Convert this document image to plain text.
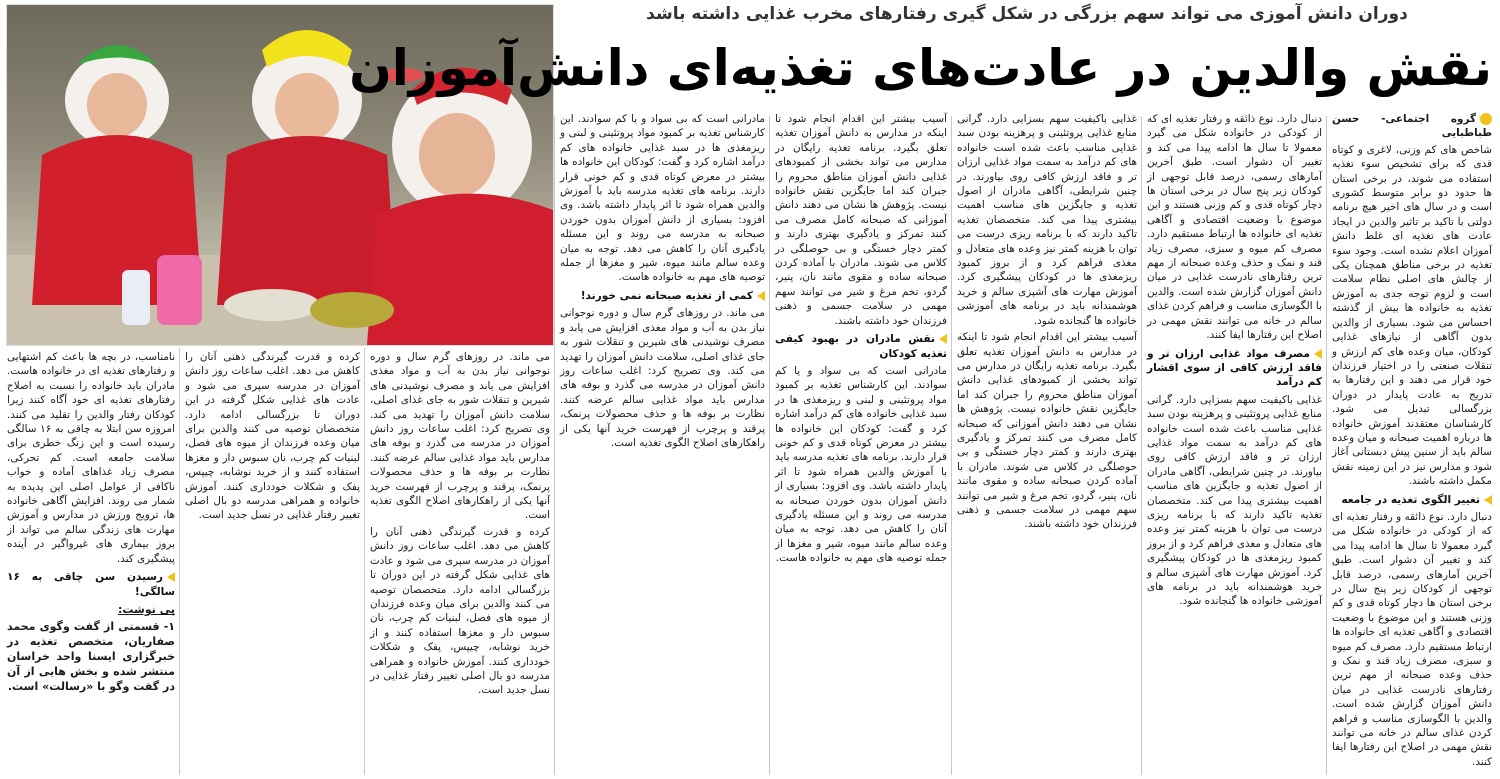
دوران دانش آموزی می تواند سهم بزرگی در شکل گیری رفتارهای مخرب غذایی داشته باشد
نقش والدین در عادت‌های تغذیه‌ای دانش‌آموزان
گروه اجتماعی- حسن طباطبایی

شاخص های کم وزنی، لاغری و کوتاه قدی که برای تشخیص سوء تغذیه استفاده می شوند، در برخی استان ها حدود دو برابر متوسط کشوری است و در سال های اخیر هیچ برنامه دولتی با تاکید بر تاثیر والدین در ایجاد عادت های تغذیه ای غلط دانش آموزان اعلام نشده است. وجود سوء تغذیه در برخی مناطق همچنان یکی از چالش های اصلی نظام سلامت است و لزوم توجه جدی به آموزش تغذیه به خانواده ها بیش از گذشته احساس می شود. بسیاری از والدین بدون آگاهی از نیازهای غذایی کودکان، میان وعده های کم ارزش و تنقلات صنعتی را در اختیار فرزندان خود قرار می دهند و این رفتارها به تدریج به عادت پایدار در دوران بزرگسالی تبدیل می شود. کارشناسان معتقدند آموزش خانواده ها درباره اهمیت صبحانه و میان وعده سالم باید از سنین پیش دبستانی آغاز شود و مدارس نیز در این زمینه نقش مکمل داشته باشند.

تغییر الگوی تغذیه در جامعه

دنبال دارد. نوع ذائقه و رفتار تغذیه ای که از کودکی در خانواده شکل می گیرد معمولا تا سال ها ادامه پیدا می کند و تغییر آن دشوار است. طبق آخرین آمارهای رسمی، درصد قابل توجهی از کودکان زیر پنج سال در برخی استان ها دچار کوتاه قدی و کم وزنی هستند و این موضوع با وضعیت اقتصادی و آگاهی تغذیه ای خانواده ها ارتباط مستقیم دارد. مصرف کم میوه و سبزی، مصرف زیاد قند و نمک و حذف وعده صبحانه از مهم ترین رفتارهای نادرست غذایی در میان دانش آموزان گزارش شده است. والدین با الگوسازی مناسب و فراهم کردن غذای سالم در خانه می توانند نقش مهمی در اصلاح این رفتارها ایفا کنند.

دنبال دارد. نوع ذائقه و رفتار تغذیه ای که از کودکی در خانواده شکل می گیرد معمولا تا سال ها ادامه پیدا می کند و تغییر آن دشوار است. طبق آخرین آمارهای رسمی، درصد قابل توجهی از کودکان زیر پنج سال در برخی استان ها دچار کوتاه قدی و کم وزنی هستند و این موضوع با وضعیت اقتصادی و آگاهی تغذیه ای خانواده ها ارتباط مستقیم دارد. مصرف کم میوه و سبزی، مصرف زیاد قند و نمک و حذف وعده صبحانه از مهم ترین رفتارهای نادرست غذایی در میان دانش آموزان گزارش شده است. والدین با الگوسازی مناسب و فراهم کردن غذای سالم در خانه می توانند نقش مهمی در اصلاح این رفتارها ایفا کنند.

مصرف مواد غذایی ارزان تر و فاقد ارزش کافی از سوی اقشار کم درآمد

غذایی باکیفیت سهم بسزایی دارد. گرانی منابع غذایی پروتئینی و پرهزینه بودن سبد غذایی مناسب باعث شده است خانواده های کم درآمد به سمت مواد غذایی ارزان تر و فاقد ارزش کافی روی بیاورند. در چنین شرایطی، آگاهی مادران از اصول تغذیه و جایگزین های مناسب اهمیت بیشتری پیدا می کند. متخصصان تغذیه تاکید دارند که با برنامه ریزی درست می توان با هزینه کمتر نیز وعده های متعادل و مغذی فراهم کرد و از بروز کمبود ریزمغذی ها در کودکان پیشگیری کرد. آموزش مهارت های آشپزی سالم و خرید هوشمندانه باید در برنامه های آموزشی خانواده ها گنجانده شود.

غذایی باکیفیت سهم بسزایی دارد. گرانی منابع غذایی پروتئینی و پرهزینه بودن سبد غذایی مناسب باعث شده است خانواده های کم درآمد به سمت مواد غذایی ارزان تر و فاقد ارزش کافی روی بیاورند. در چنین شرایطی، آگاهی مادران از اصول تغذیه و جایگزین های مناسب اهمیت بیشتری پیدا می کند. متخصصان تغذیه تاکید دارند که با برنامه ریزی درست می توان با هزینه کمتر نیز وعده های متعادل و مغذی فراهم کرد و از بروز کمبود ریزمغذی ها در کودکان پیشگیری کرد. آموزش مهارت های آشپزی سالم و خرید هوشمندانه باید در برنامه های آموزشی خانواده ها گنجانده شود.

آسیب بیشتر این اقدام انجام شود تا اینکه در مدارس به دانش آموزان تغذیه تعلق بگیرد. برنامه تغذیه رایگان در مدارس می تواند بخشی از کمبودهای غذایی دانش آموزان مناطق محروم را جبران کند اما جایگزین نقش خانواده نیست. پژوهش ها نشان می دهند دانش آموزانی که صبحانه کامل مصرف می کنند تمرکز و یادگیری بهتری دارند و کمتر دچار خستگی و بی حوصلگی در کلاس می شوند. مادران با آماده کردن صبحانه ساده و مقوی مانند نان، پنیر، گردو، تخم مرغ و شیر می توانند سهم مهمی در سلامت جسمی و ذهنی فرزندان خود داشته باشند.

آسیب بیشتر این اقدام انجام شود تا اینکه در مدارس به دانش آموزان تغذیه تعلق بگیرد. برنامه تغذیه رایگان در مدارس می تواند بخشی از کمبودهای غذایی دانش آموزان مناطق محروم را جبران کند اما جایگزین نقش خانواده نیست. پژوهش ها نشان می دهند دانش آموزانی که صبحانه کامل مصرف می کنند تمرکز و یادگیری بهتری دارند و کمتر دچار خستگی و بی حوصلگی در کلاس می شوند. مادران با آماده کردن صبحانه ساده و مقوی مانند نان، پنیر، گردو، تخم مرغ و شیر می توانند سهم مهمی در سلامت جسمی و ذهنی فرزندان خود داشته باشند.

نقش مادران در بهبود کیفی تغذیه کودکان

مادرانی است که بی سواد و یا کم سوادند. این کارشناس تغذیه بر کمبود مواد پروتئینی و لبنی و ریزمغذی ها در سبد غذایی خانواده های کم درآمد اشاره کرد و گفت: کودکان این خانواده ها بیشتر در معرض کوتاه قدی و کم خونی قرار دارند. برنامه های تغذیه مدرسه باید با آموزش والدین همراه شود تا اثر پایدار داشته باشد. وی افزود: بسیاری از دانش آموزان بدون خوردن صبحانه به مدرسه می روند و این مسئله یادگیری آنان را کاهش می دهد. توجه به میان وعده سالم مانند میوه، شیر و مغزها از جمله توصیه های مهم به خانواده هاست.

مادرانی است که بی سواد و یا کم سوادند. این کارشناس تغذیه بر کمبود مواد پروتئینی و لبنی و ریزمغذی ها در سبد غذایی خانواده های کم درآمد اشاره کرد و گفت: کودکان این خانواده ها بیشتر در معرض کوتاه قدی و کم خونی قرار دارند. برنامه های تغذیه مدرسه باید با آموزش والدین همراه شود تا اثر پایدار داشته باشد. وی افزود: بسیاری از دانش آموزان بدون خوردن صبحانه به مدرسه می روند و این مسئله یادگیری آنان را کاهش می دهد. توجه به میان وعده سالم مانند میوه، شیر و مغزها از جمله توصیه های مهم به خانواده هاست.

کمی از تغذیه صبحانه نمی خورند!

می ماند. در روزهای گرم سال و دوره نوجوانی نیاز بدن به آب و مواد مغذی افزایش می یابد و مصرف نوشیدنی های شیرین و تنقلات شور به جای غذای اصلی، سلامت دانش آموزان را تهدید می کند. وی تصریح کرد: اغلب ساعات روز دانش آموزان در مدرسه می گذرد و بوفه های مدارس باید مواد غذایی سالم عرضه کنند. نظارت بر بوفه ها و حذف محصولات پرنمک، پرقند و پرچرب از فهرست خرید آنها یکی از راهکارهای اصلاح الگوی تغذیه است.

می ماند. در روزهای گرم سال و دوره نوجوانی نیاز بدن به آب و مواد مغذی افزایش می یابد و مصرف نوشیدنی های شیرین و تنقلات شور به جای غذای اصلی، سلامت دانش آموزان را تهدید می کند. وی تصریح کرد: اغلب ساعات روز دانش آموزان در مدرسه می گذرد و بوفه های مدارس باید مواد غذایی سالم عرضه کنند. نظارت بر بوفه ها و حذف محصولات پرنمک، پرقند و پرچرب از فهرست خرید آنها یکی از راهکارهای اصلاح الگوی تغذیه است.

کرده و قدرت گیرندگی ذهنی آنان را کاهش می دهد. اغلب ساعات روز دانش آموزان در مدرسه سپری می شود و عادت های غذایی شکل گرفته در این دوران تا بزرگسالی ادامه دارد. متخصصان توصیه می کنند والدین برای میان وعده فرزندان از میوه های فصل، لبنیات کم چرب، نان سبوس دار و مغزها استفاده کنند و از خرید نوشابه، چیپس، پفک و شکلات خودداری کنند. آموزش خانواده و همراهی مدرسه دو بال اصلی تغییر رفتار غذایی در نسل جدید است.

کرده و قدرت گیرندگی ذهنی آنان را کاهش می دهد. اغلب ساعات روز دانش آموزان در مدرسه سپری می شود و عادت های غذایی شکل گرفته در این دوران تا بزرگسالی ادامه دارد. متخصصان توصیه می کنند والدین برای میان وعده فرزندان از میوه های فصل، لبنیات کم چرب، نان سبوس دار و مغزها استفاده کنند و از خرید نوشابه، چیپس، پفک و شکلات خودداری کنند. آموزش خانواده و همراهی مدرسه دو بال اصلی تغییر رفتار غذایی در نسل جدید است.

نامناسب، در بچه ها باعث کم اشتهایی و رفتارهای تغذیه ای در خانواده هاست. مادران باید خانواده را نسبت به اصلاح رفتارهای تغذیه ای خود آگاه کنند زیرا کودکان رفتار والدین را تقلید می کنند. امروزه سن ابتلا به چاقی به ۱۶ سالگی رسیده است و این زنگ خطری برای سلامت جامعه است. کم تحرکی، مصرف زیاد غذاهای آماده و خواب ناکافی از عوامل اصلی این پدیده به شمار می روند. افزایش آگاهی خانواده ها، ترویج ورزش در مدارس و آموزش مهارت های زندگی سالم می تواند از بروز بیماری های غیرواگیر در آینده پیشگیری کند.

رسیدن سن چاقی به ۱۶ سالگی!
پی نوشت:
۱- قسمتی از گفت وگوی محمد صفاریان، متخصص تغذیه در خبرگزاری ایسنا واحد خراسان منتشر شده و بخش هایی از آن در گفت وگو با «رسالت» است.
